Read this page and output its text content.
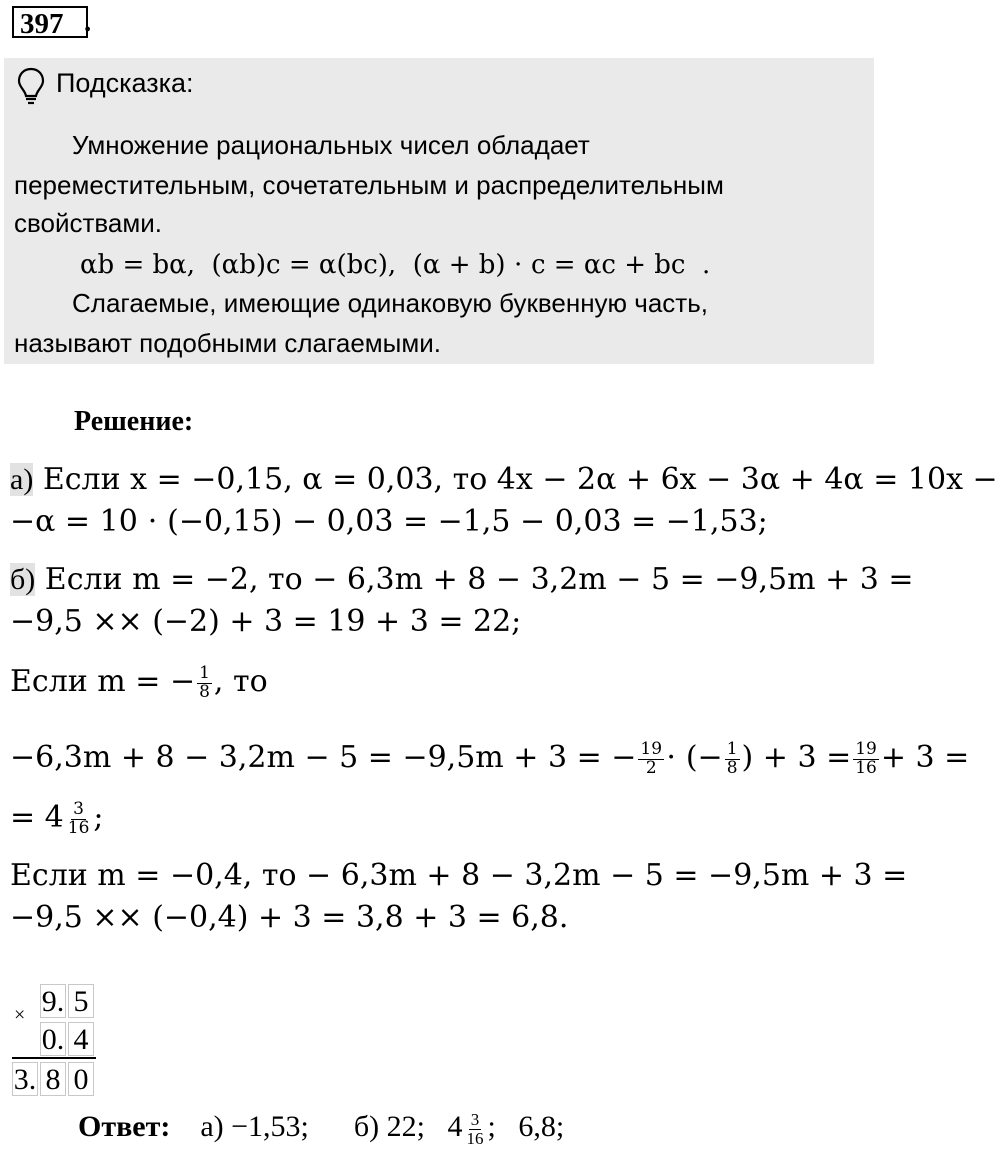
397 .
Подсказка:
Умножение рациональных чисел обладает
переместительным, сочетательным и распределительным
свойствами.
αb = bα, (αb)c = α(bc), (α + b) ⋅ c = αc + bc .
Слагаемые, имеющие одинаковую буквенную часть,
называют подобными слагаемыми.
Решение:
а) Если x = −0,15, α = 0,03, то 4x − 2α + 6x − 3α + 4α = 10x −
−α = 10 ⋅ (−0,15) − 0,03 = −1,5 − 0,03 = −1,53;
б) Если m = −2, то − 6,3m + 8 − 3,2m − 5 = −9,5m + 3 =
−9,5 ×× (−2) + 3 = 19 + 3 = 22;
Если m = − $\frac{1}{8}$ , то
−6,3m + 8 − 3,2m − 5 = −9,5m + 3 = − $\frac{19}{2}$ ⋅ (− $\frac{1}{8}$ ) + $3 = \frac{19}{16} + 3$ =
= $4 \frac{3}{16}$ ;
Если m = −0,4, то − 6,3m + 8 − 3,2m − 5 = −9,5m + 3 =
−9,5 ×× (−0,4) + 3 = 3,8 + 3 = 6,8.
× 9. 5
0. 4
3. 8 0
Ответ: а) −1,53; б) 22; $4 \frac{3}{16}$ ; 6,8;
